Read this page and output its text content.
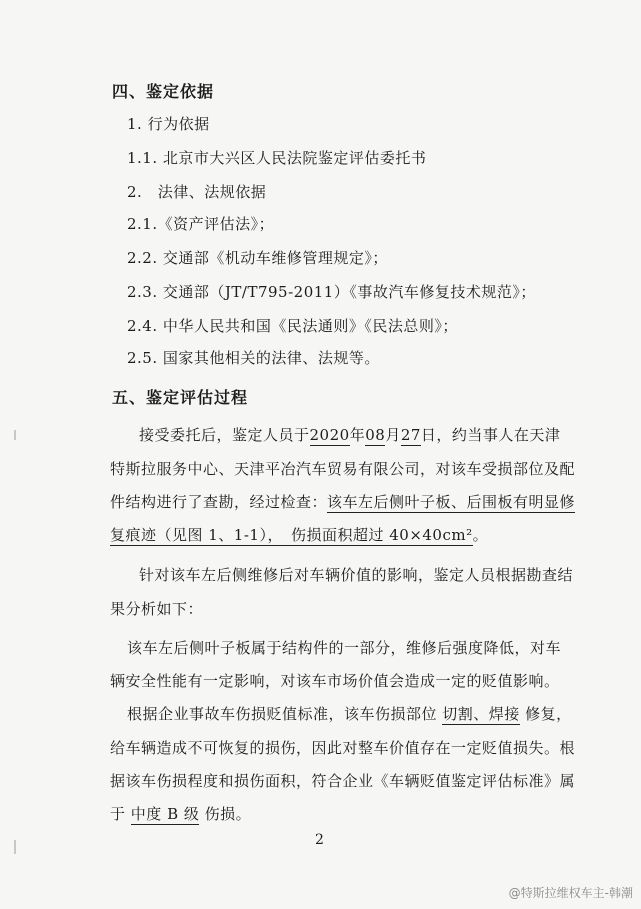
四、鉴定依据
1. 行为依据
1.1. 北京市大兴区人民法院鉴定评估委托书
2.　法律、法规依据
2.1.《资产评估法》；
2.2. 交通部《机动车维修管理规定》；
2.3. 交通部（JT/T795-2011）《事故汽车修复技术规范》；
2.4. 中华人民共和国《民法通则》《民法总则》；
2.5. 国家其他相关的法律、法规等。
五、鉴定评估过程
接受委托后，鉴定人员于2020年08月27日，约当事人在天津
特斯拉服务中心、天津平冶汽车贸易有限公司，对该车受损部位及配
件结构进行了查勘，经过检查：该车左后侧叶子板、后围板有明显修
复痕迹（见图 1、1-1），　伤损面积超过 40×40cm²。
针对该车左后侧维修后对车辆价值的影响，鉴定人员根据勘查结
果分析如下：
该车左后侧叶子板属于结构件的一部分，维修后强度降低，对车
辆安全性能有一定影响，对该车市场价值会造成一定的贬值影响。
根据企业事故车伤损贬值标准，该车伤损部位 切割、焊接 修复，
给车辆造成不可恢复的损伤，因此对整车价值存在一定贬值损失。根
据该车伤损程度和损伤面积，符合企业《车辆贬值鉴定评估标准》属
于 中度 B 级 伤损。
2
@特斯拉维权车主-韩潮
